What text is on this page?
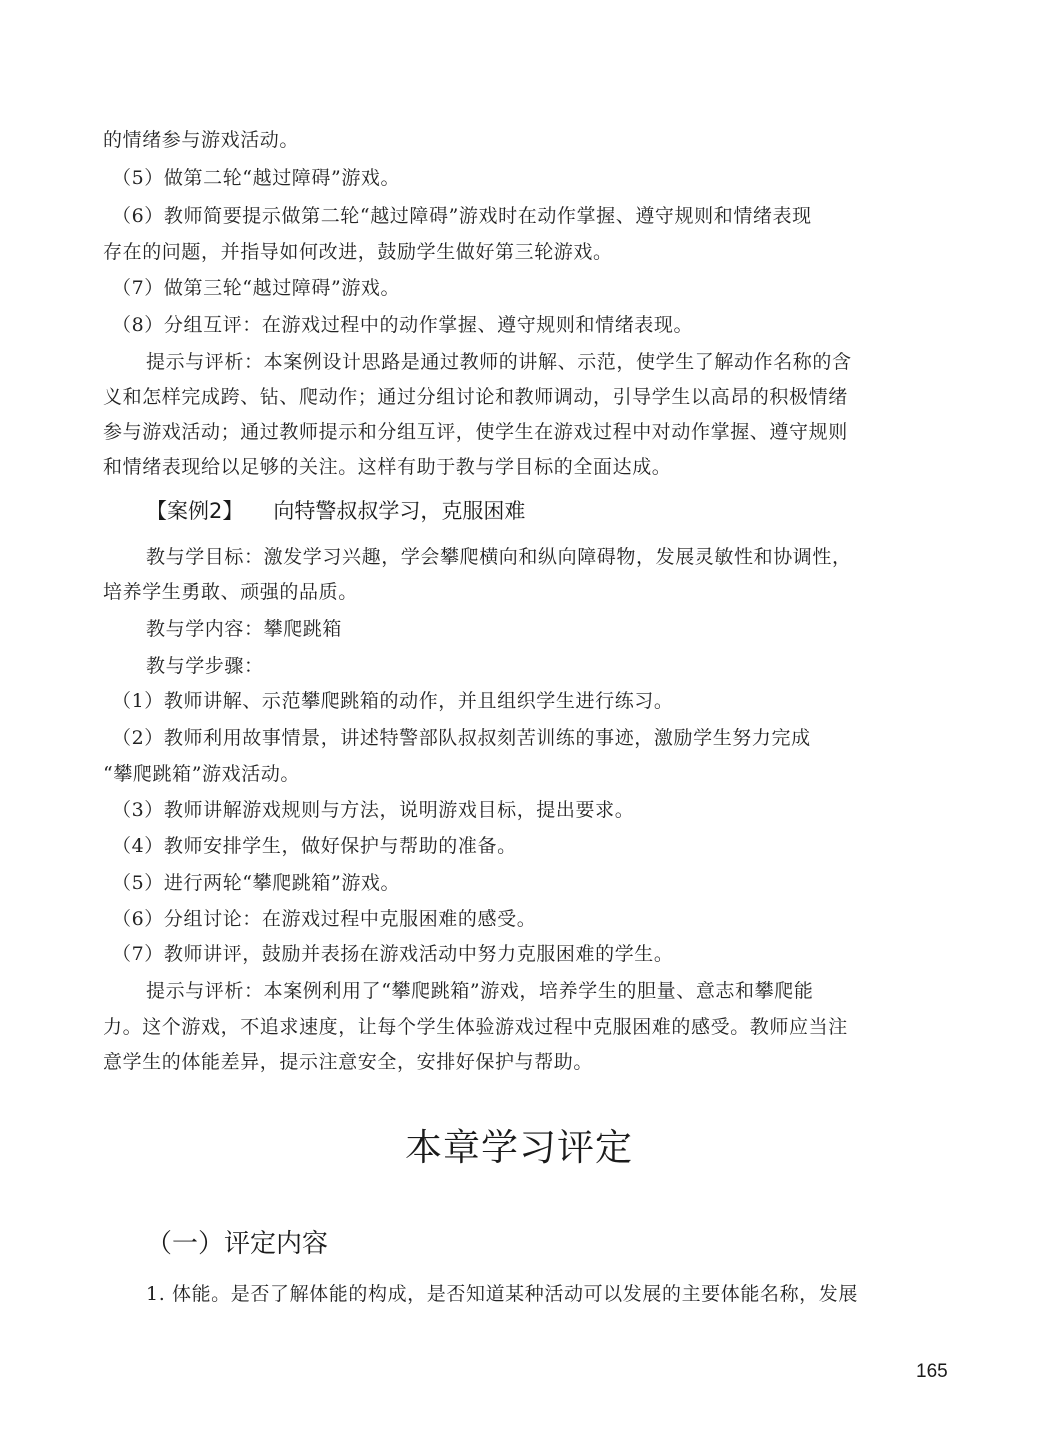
的情绪参与游戏活动。
（5）做第二轮“越过障碍”游戏。
（6）教师简要提示做第二轮“越过障碍”游戏时在动作掌握、遵守规则和情绪表现
存在的问题，并指导如何改进，鼓励学生做好第三轮游戏。
（7）做第三轮“越过障碍”游戏。
（8）分组互评：在游戏过程中的动作掌握、遵守规则和情绪表现。
提示与评析：本案例设计思路是通过教师的讲解、示范，使学生了解动作名称的含
义和怎样完成跨、钻、爬动作；通过分组讨论和教师调动，引导学生以高昂的积极情绪
参与游戏活动；通过教师提示和分组互评，使学生在游戏过程中对动作掌握、遵守规则
和情绪表现给以足够的关注。这样有助于教与学目标的全面达成。
【案例2】 向特警叔叔学习，克服困难
教与学目标：激发学习兴趣，学会攀爬横向和纵向障碍物，发展灵敏性和协调性，
培养学生勇敢、顽强的品质。
教与学内容：攀爬跳箱
教与学步骤：
（1）教师讲解、示范攀爬跳箱的动作，并且组织学生进行练习。
（2）教师利用故事情景，讲述特警部队叔叔刻苦训练的事迹，激励学生努力完成
“攀爬跳箱”游戏活动。
（3）教师讲解游戏规则与方法，说明游戏目标，提出要求。
（4）教师安排学生，做好保护与帮助的准备。
（5）进行两轮“攀爬跳箱”游戏。
（6）分组讨论：在游戏过程中克服困难的感受。
（7）教师讲评，鼓励并表扬在游戏活动中努力克服困难的学生。
提示与评析：本案例利用了“攀爬跳箱”游戏，培养学生的胆量、意志和攀爬能
力。这个游戏，不追求速度，让每个学生体验游戏过程中克服困难的感受。教师应当注
意学生的体能差异，提示注意安全，安排好保护与帮助。
本章学习评定
（一）评定内容
1. 体能。是否了解体能的构成，是否知道某种活动可以发展的主要体能名称，发展
165
